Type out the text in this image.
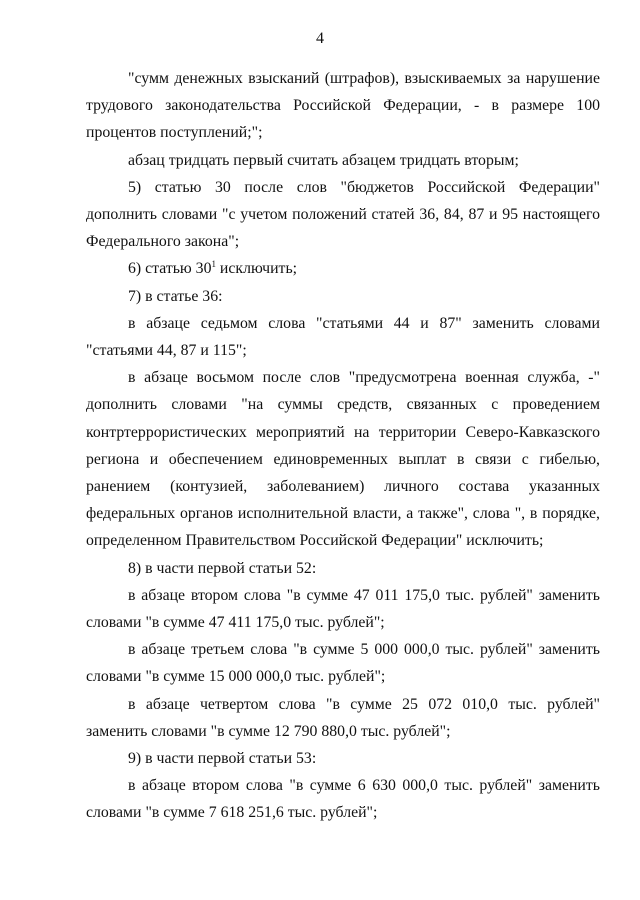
4

"сумм денежных взысканий (штрафов), взыскиваемых за нарушение трудового законодательства Российской Федерации, - в размере 100 процентов поступлений;";

абзац тридцать первый считать абзацем тридцать вторым;

5) статью 30 после слов "бюджетов Российской Федерации" дополнить словами "с учетом положений статей 36, 84, 87 и 95 настоящего Федерального закона";

6) статью $30^1$ исключить;

7) в статье 36:

в абзаце седьмом слова "статьями 44 и 87" заменить словами "статьями 44, 87 и 115";

в абзаце восьмом после слов "предусмотрена военная служба, -" дополнить словами "на суммы средств, связанных с проведением контртеррористических мероприятий на территории Северо-Кавказского региона и обеспечением единовременных выплат в связи с гибелью, ранением (контузией, заболеванием) личного состава указанных федеральных органов исполнительной власти, а также", слова ", в порядке, определенном Правительством Российской Федерации" исключить;

8) в части первой статьи 52:

в абзаце втором слова "в сумме 47 011 175,0 тыс. рублей" заменить словами "в сумме 47 411 175,0 тыс. рублей";

в абзаце третьем слова "в сумме 5 000 000,0 тыс. рублей" заменить словами "в сумме 15 000 000,0 тыс. рублей";

в абзаце четвертом слова "в сумме 25 072 010,0 тыс. рублей" заменить словами "в сумме 12 790 880,0 тыс. рублей";

9) в части первой статьи 53:

в абзаце втором слова "в сумме 6 630 000,0 тыс. рублей" заменить словами "в сумме 7 618 251,6 тыс. рублей";
